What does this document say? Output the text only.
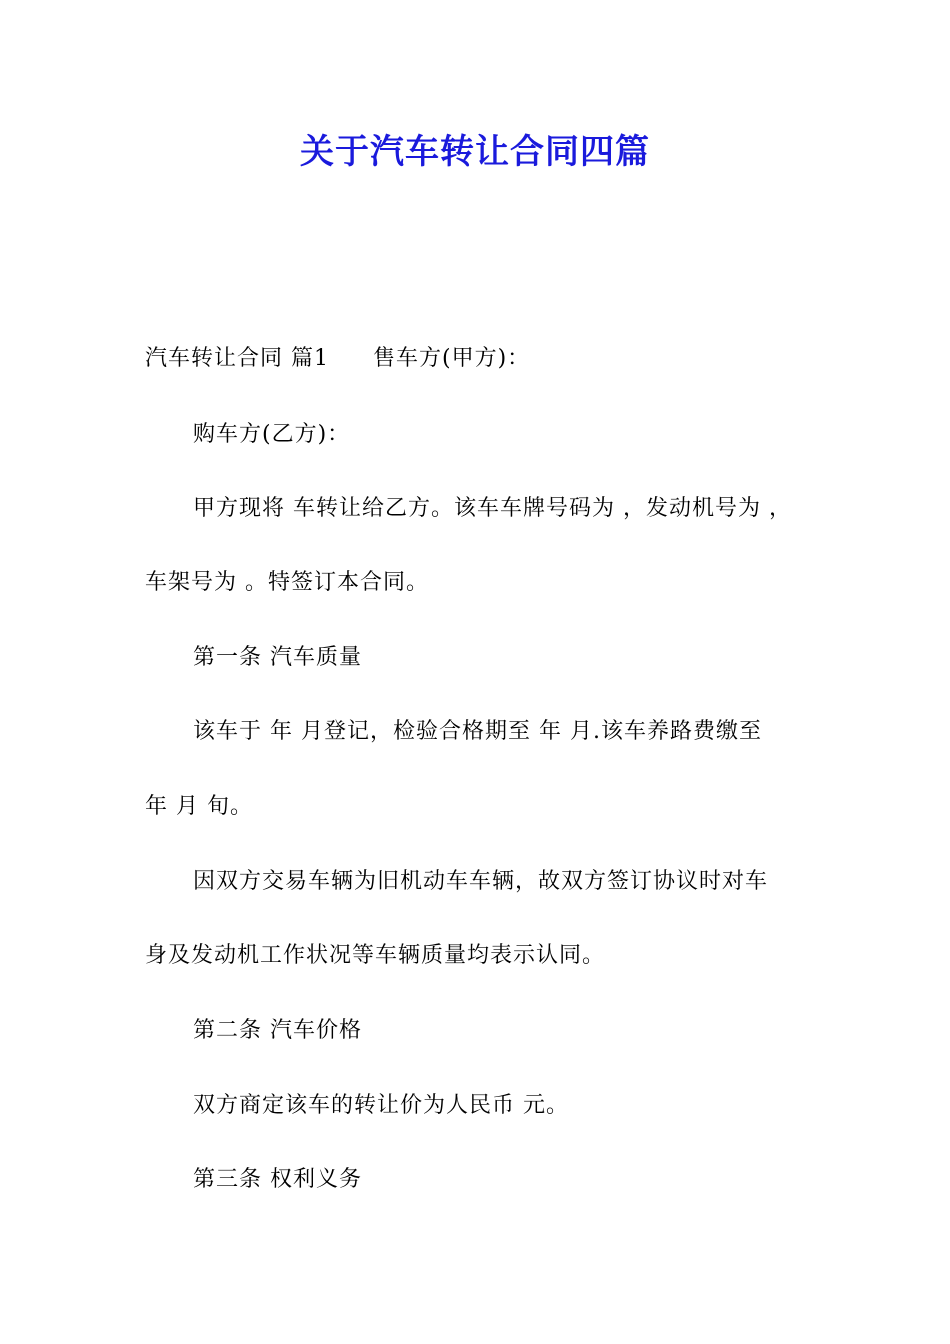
关于汽车转让合同四篇
汽车转让合同 篇1 售车方(甲方)：
购车方(乙方)：
甲方现将 车转让给乙方。该车车牌号码为 ，发动机号为 ，
车架号为 。特签订本合同。
第一条 汽车质量
该车于 年 月登记，检验合格期至 年 月.该车养路费缴至
年 月 旬。
因双方交易车辆为旧机动车车辆，故双方签订协议时对车
身及发动机工作状况等车辆质量均表示认同。
第二条 汽车价格
双方商定该车的转让价为人民币 元。
第三条 权利义务
